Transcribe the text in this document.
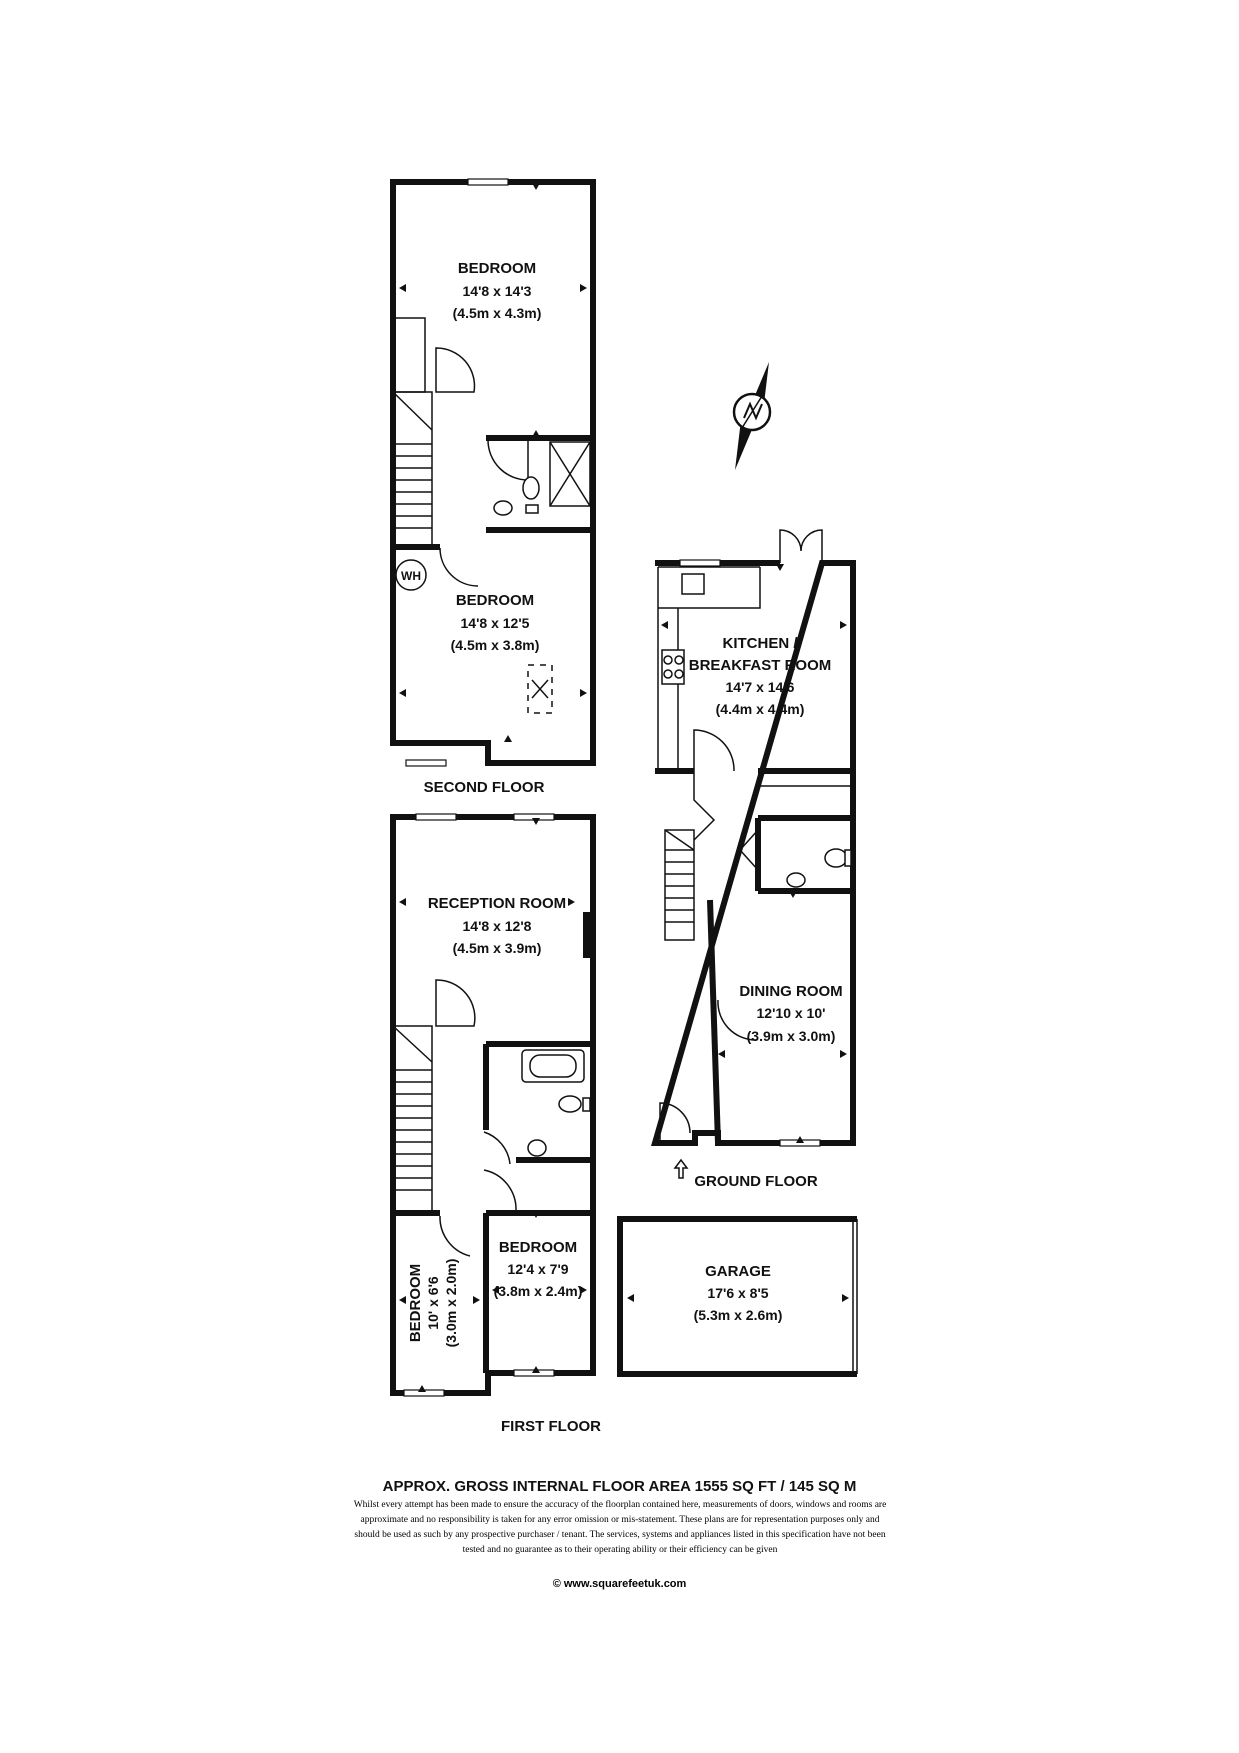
WH
BEDROOM
14'8 x 14'3
(4.5m x 4.3m)
BEDROOM
14'8 x 12'5
(4.5m x 3.8m)
SECOND FLOOR
RECEPTION ROOM
14'8 x 12'8
(4.5m x 3.9m)
BEDROOM
12'4 x 7'9
(3.8m x 2.4m)
BEDROOM 10' x 6'6 (3.0m x 2.0m)
FIRST FLOOR
KITCHEN /
BREAKFAST ROOM
14'7 x 14'6
(4.4m x 4.4m)
DINING ROOM
12'10 x 10'
(3.9m x 3.0m)
GROUND FLOOR
GARAGE
17'6 x 8'5
(5.3m x 2.6m)
APPROX. GROSS INTERNAL FLOOR AREA 1555 SQ FT / 145 SQ M
Whilst every attempt has been made to ensure the accuracy of the floorplan contained here, measurements of doors, windows and rooms are approximate and no responsibility is taken for any error omission or mis-statement. These plans are for representation purposes only and should be used as such by any prospective purchaser / tenant. The services, systems and appliances listed in this specification have not been tested and no guarantee as to their operating ability or their efficiency can be given
© www.squarefeetuk.com
